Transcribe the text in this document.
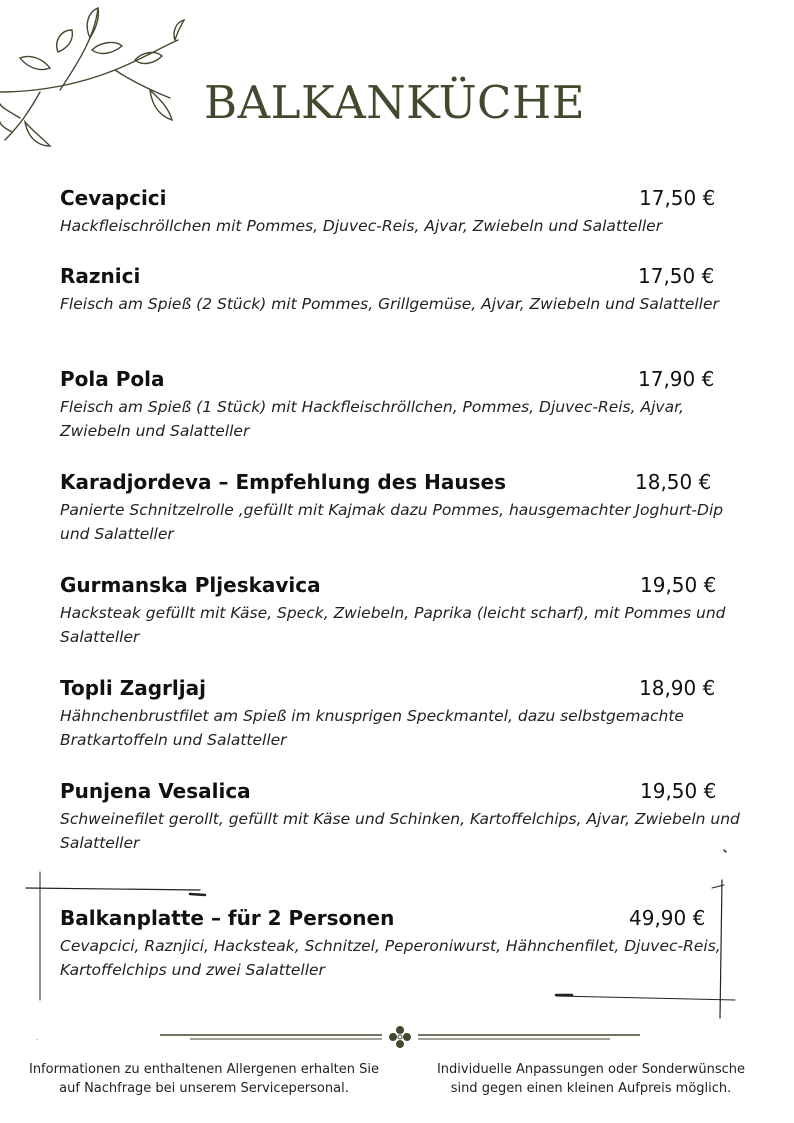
BALKANKÜCHE
Cevapcici	17,50 €
Hackfleischröllchen mit Pommes, Djuvec-Reis, Ajvar, Zwiebeln und Salatteller
Raznici	17,50 €
Fleisch am Spieß (2 Stück) mit Pommes, Grillgemüse, Ajvar, Zwiebeln und Salatteller
Pola Pola	17,90 €
Fleisch am Spieß (1 Stück) mit Hackfleischröllchen, Pommes, Djuvec-Reis, Ajvar, Zwiebeln und Salatteller
Karadjordeva – Empfehlung des Hauses	18,50 €
Panierte Schnitzelrolle ,gefüllt mit Kajmak dazu Pommes, hausgemachter Joghurt-Dip und Salatteller
Gurmanska Pljeskavica	19,50 €
Hacksteak gefüllt mit Käse, Speck, Zwiebeln, Paprika (leicht scharf), mit Pommes und Salatteller
Topli Zagrljaj	18,90 €
Hähnchenbrustfilet am Spieß im knusprigen Speckmantel, dazu selbstgemachte Bratkartoffeln und Salatteller
Punjena Vesalica	19,50 €
Schweinefilet gerollt, gefüllt mit Käse und Schinken, Kartoffelchips, Ajvar, Zwiebeln und Salatteller
Balkanplatte – für 2 Personen	49,90 €
Cevapcici, Raznjici, Hacksteak, Schnitzel, Peperoniwurst, Hähnchenfilet, Djuvec-Reis, Kartoffelchips und zwei Salatteller
Informationen zu enthaltenen Allergenen erhalten Sie auf Nachfrage bei unserem Servicepersonal.
Individuelle Anpassungen oder Sonderwünsche sind gegen einen kleinen Aufpreis möglich.
